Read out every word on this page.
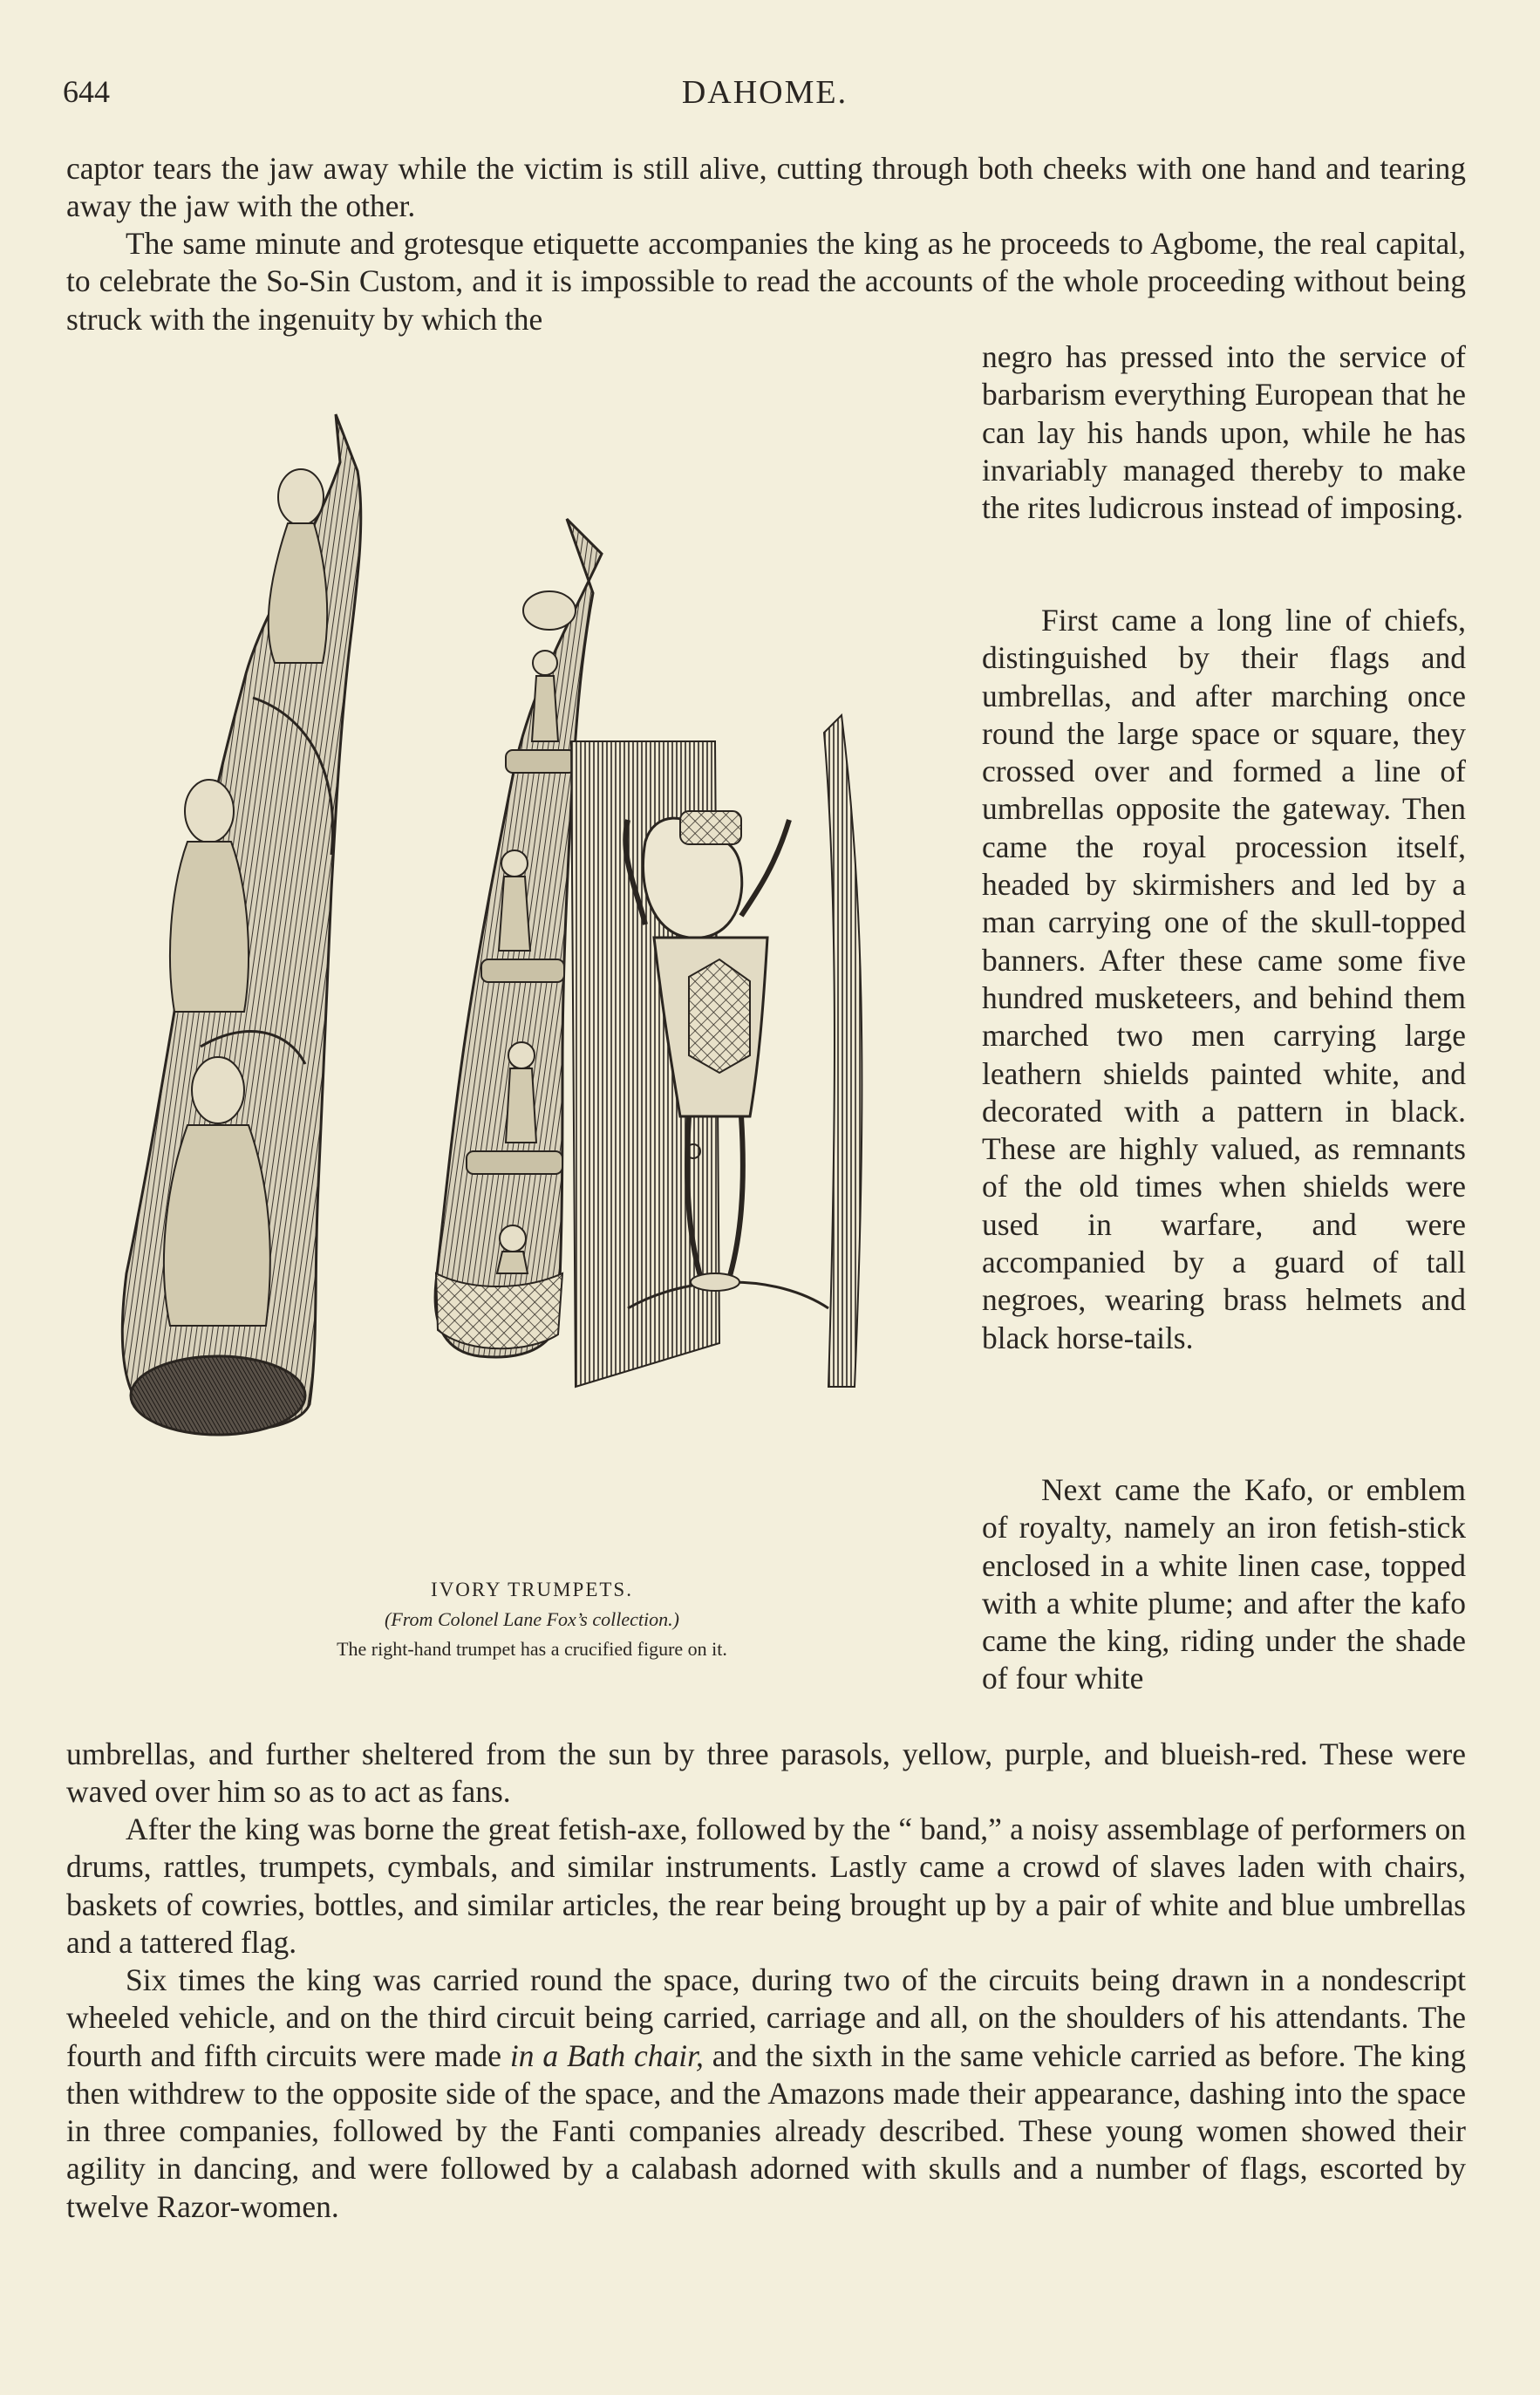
644	DAHOME.

captor tears the jaw away while the victim is still alive, cutting through both cheeks with one hand and tearing away the jaw with the other.

The same minute and grotesque etiquette accompanies the king as he proceeds to Agbome, the real capital, to celebrate the So-Sin Custom, and it is impossible to read the accounts of the whole proceeding without being struck with the ingenuity by which the

negro has pressed into the service of barbarism everything European that he can lay his hands upon, while he has invariably managed thereby to make the rites ludicrous instead of imposing.

First came a long line of chiefs, distinguished by their flags and umbrellas, and after marching once round the large space or square, they crossed over and formed a line of umbrellas opposite the gateway. Then came the royal procession itself, headed by skirmishers and led by a man carrying one of the skull-topped banners. After these came some five hundred musketeers, and behind them marched two men carrying large leathern shields painted white, and decorated with a pattern in black. These are highly valued, as remnants of the old times when shields were used in warfare, and were accompanied by a guard of tall negroes, wearing brass helmets and black horse-tails.

Next came the Kafo, or emblem of royalty, namely an iron fetish-stick enclosed in a white linen case, topped with a white plume; and after the kafo came the king, riding under the shade of four white

umbrellas, and further sheltered from the sun by three parasols, yellow, purple, and blueish-red. These were waved over him so as to act as fans.

After the king was borne the great fetish-axe, followed by the “ band,” a noisy assemblage of performers on drums, rattles, trumpets, cymbals, and similar instruments. Lastly came a crowd of slaves laden with chairs, baskets of cowries, bottles, and similar articles, the rear being brought up by a pair of white and blue umbrellas and a tattered flag.

Six times the king was carried round the space, during two of the circuits being drawn in a nondescript wheeled vehicle, and on the third circuit being carried, carriage and all, on the shoulders of his attendants. The fourth and fifth circuits were made in a Bath chair, and the sixth in the same vehicle carried as before. The king then withdrew to the opposite side of the space, and the Amazons made their appearance, dashing into the space in three companies, followed by the Fanti companies already described. These young women showed their agility in dancing, and were followed by a calabash adorned with skulls and a number of flags, escorted by twelve Razor-women.

IVORY TRUMPETS.
(From Colonel Lane Fox’s collection.)
The right-hand trumpet has a crucified figure on it.
